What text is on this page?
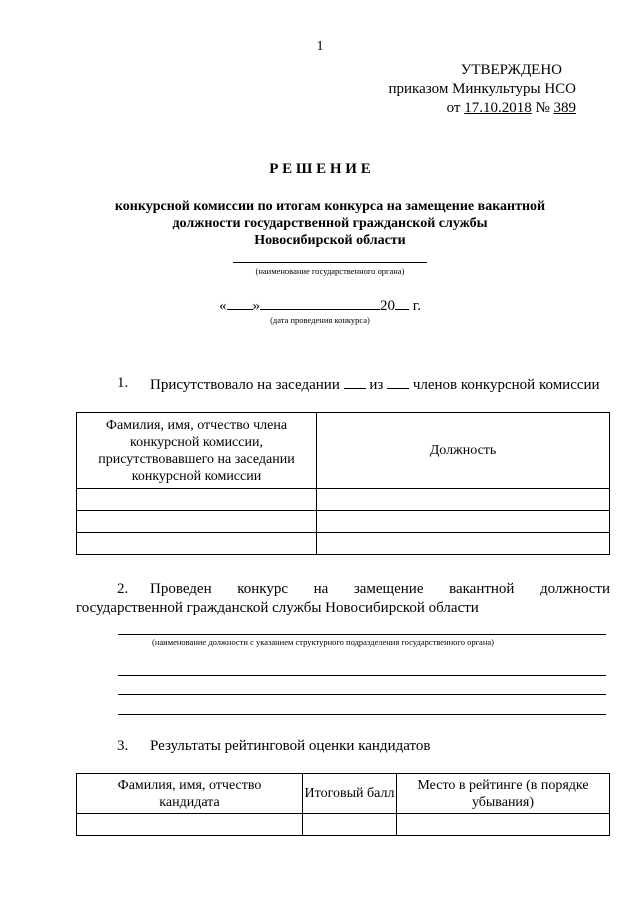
1
УТВЕРЖДЕНО
приказом Минкультуры НСО
от 17.10.2018 № 389
Р Е Ш Е Н И Е
конкурсной комиссии по итогам конкурса на замещение вакантной
должности государственной гражданской службы
Новосибирской области
(наименование государственного органа)
« »	20 г.
(дата проведения конкурса)
1. Присутствовало на заседании из членов конкурсной комиссии
Фамилия, имя, отчество члена конкурсной комиссии, присутствовавшего на заседании конкурсной комиссии	Должность

2. Проведен конкурс на замещение вакантной должности
государственной гражданской службы Новосибирской области
(наименование должности с указанием структурного подразделения государственного органа)
3. Результаты рейтинговой оценки кандидатов
Фамилия, имя, отчество кандидата	Итоговый балл	Место в рейтинге (в порядке убывания)
